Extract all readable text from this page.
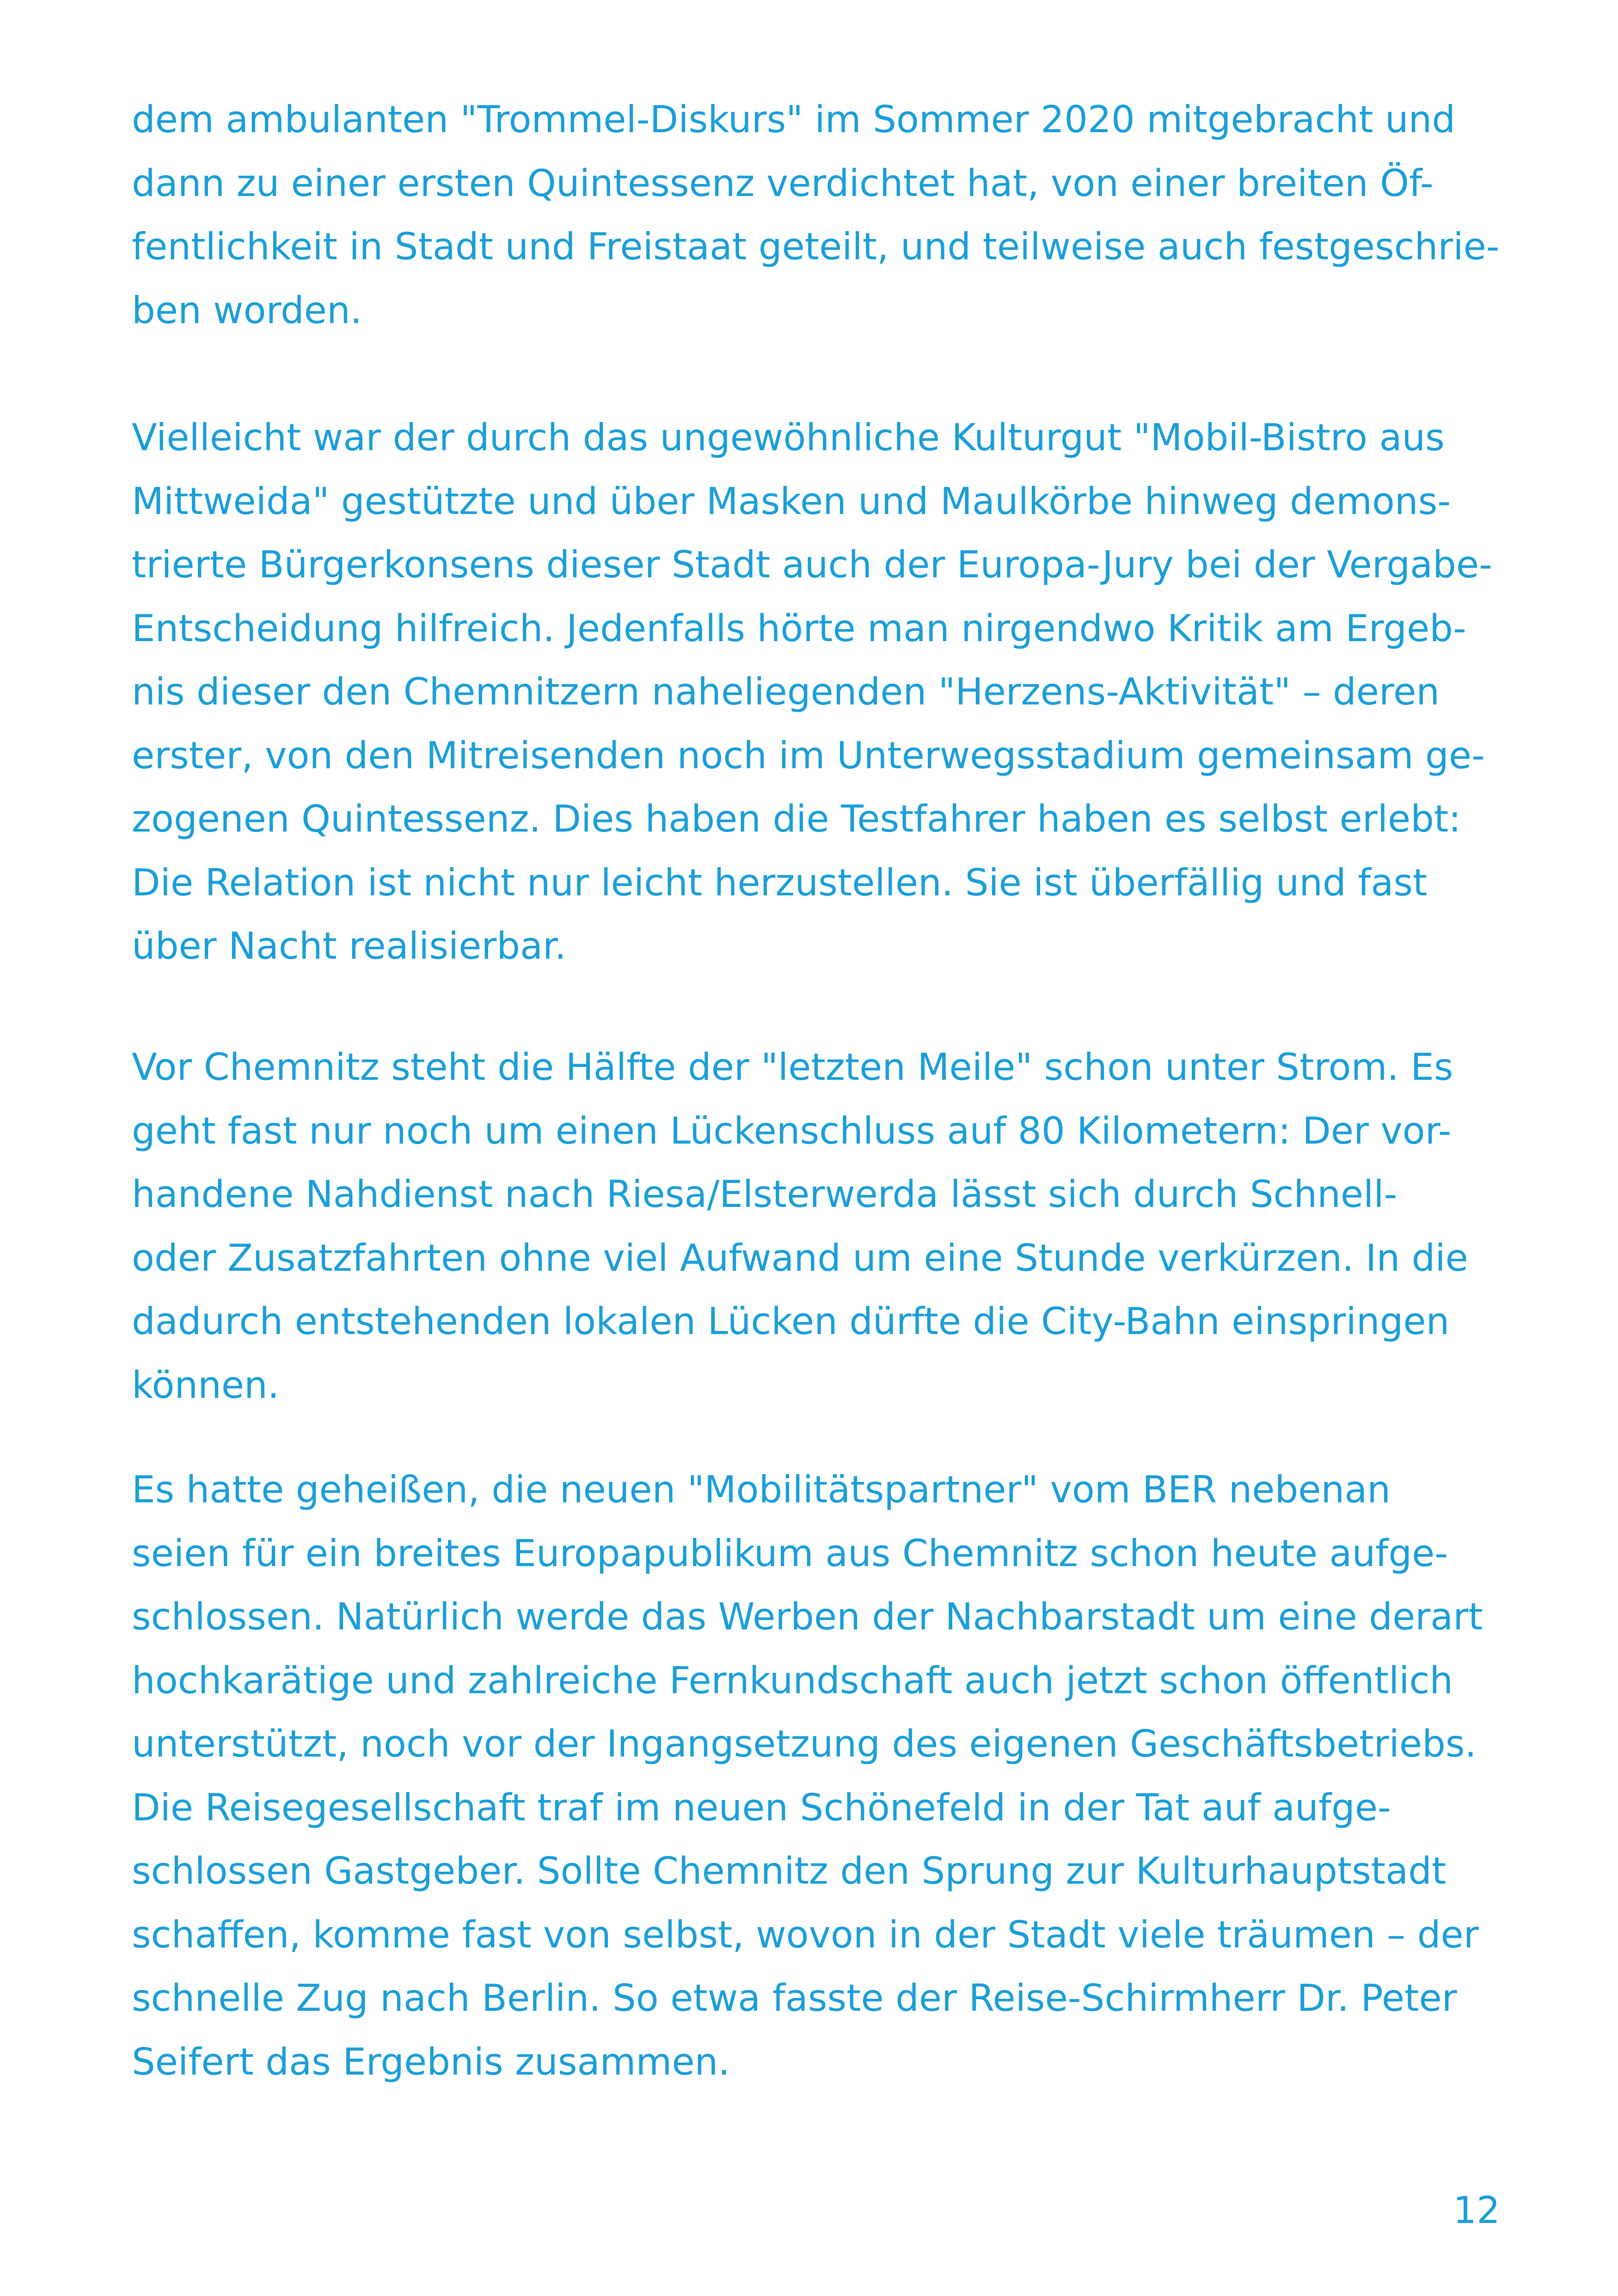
dem ambulanten "Trommel-Diskurs" im Sommer 2020 mitgebracht und
dann zu einer ersten Quintessenz verdichtet hat, von einer breiten Öf-
fentlichkeit in Stadt und Freistaat geteilt, und teilweise auch festgeschrie-
ben worden.
Vielleicht war der durch das ungewöhnliche Kulturgut "Mobil-Bistro aus
Mittweida" gestützte und über Masken und Maulkörbe hinweg demons-
trierte Bürgerkonsens dieser Stadt auch der Europa-Jury bei der Vergabe-
Entscheidung hilfreich. Jedenfalls hörte man nirgendwo Kritik am Ergeb-
nis dieser den Chemnitzern naheliegenden "Herzens-Aktivität" – deren
erster, von den Mitreisenden noch im Unterwegsstadium gemeinsam ge-
zogenen Quintessenz. Dies haben die Testfahrer haben es selbst erlebt:
Die Relation ist nicht nur leicht herzustellen. Sie ist überfällig und fast
über Nacht realisierbar.
Vor Chemnitz steht die Hälfte der "letzten Meile" schon unter Strom. Es
geht fast nur noch um einen Lückenschluss auf 80 Kilometern: Der vor-
handene Nahdienst nach Riesa/Elsterwerda lässt sich durch Schnell-
oder Zusatzfahrten ohne viel Aufwand um eine Stunde verkürzen. In die
dadurch entstehenden lokalen Lücken dürfte die City-Bahn einspringen
können.
Es hatte geheißen, die neuen "Mobilitätspartner" vom BER nebenan
seien für ein breites Europapublikum aus Chemnitz schon heute aufge-
schlossen. Natürlich werde das Werben der Nachbarstadt um eine derart
hochkarätige und zahlreiche Fernkundschaft auch jetzt schon öffentlich
unterstützt, noch vor der Ingangsetzung des eigenen Geschäftsbetriebs.
Die Reisegesellschaft traf im neuen Schönefeld in der Tat auf aufge-
schlossen Gastgeber. Sollte Chemnitz den Sprung zur Kulturhauptstadt
schaffen, komme fast von selbst, wovon in der Stadt viele träumen – der
schnelle Zug nach Berlin. So etwa fasste der Reise-Schirmherr Dr. Peter
Seifert das Ergebnis zusammen.
12
